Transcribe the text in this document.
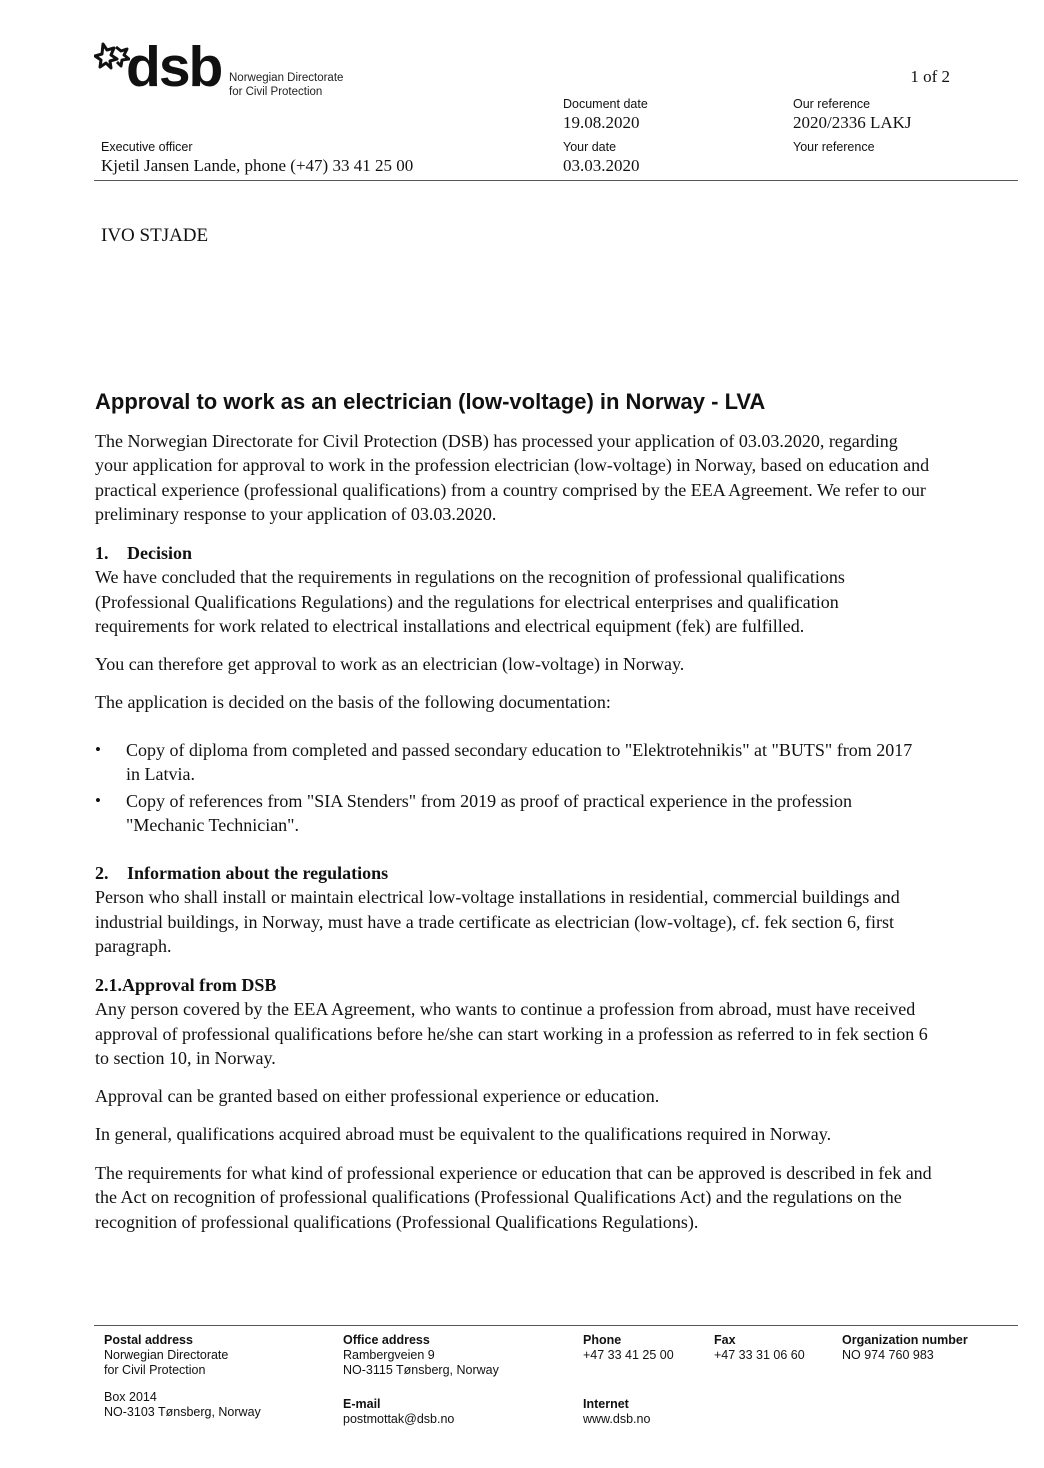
dsb Norwegian Directorate
for Civil Protection
1 of 2
Document date
19.08.2020
Our reference
2020/2336 LAKJ
Executive officer
Kjetil Jansen Lande, phone (+47) 33 41 25 00
Your date
03.03.2020
Your reference
IVO STJADE
Approval to work as an electrician (low-voltage) in Norway - LVA

The Norwegian Directorate for Civil Protection (DSB) has processed your application of 03.03.2020, regarding your application for approval to work in the profession electrician (low-voltage) in Norway, based on education and practical experience (professional qualifications) from a country comprised by the EEA Agreement. We refer to our preliminary response to your application of 03.03.2020.

1. Decision

We have concluded that the requirements in regulations on the recognition of professional qualifications (Professional Qualifications Regulations) and the regulations for electrical enterprises and qualification requirements for work related to electrical installations and electrical equipment (fek) are fulfilled.

You can therefore get approval to work as an electrician (low-voltage) in Norway.

The application is decided on the basis of the following documentation:

• Copy of diploma from completed and passed secondary education to "Elektrotehnikis" at "BUTS" from 2017 in Latvia.
• Copy of references from "SIA Stenders" from 2019 as proof of practical experience in the profession "Mechanic Technician".

2. Information about the regulations

Person who shall install or maintain electrical low-voltage installations in residential, commercial buildings and industrial buildings, in Norway, must have a trade certificate as electrician (low-voltage), cf. fek section 6, first paragraph.

2.1.Approval from DSB

Any person covered by the EEA Agreement, who wants to continue a profession from abroad, must have received approval of professional qualifications before he/she can start working in a profession as referred to in fek section 6 to section 10, in Norway.

Approval can be granted based on either professional experience or education.

In general, qualifications acquired abroad must be equivalent to the qualifications required in Norway.

The requirements for what kind of professional experience or education that can be approved is described in fek and the Act on recognition of professional qualifications (Professional Qualifications Act) and the regulations on the recognition of professional qualifications (Professional Qualifications Regulations).

Postal address
Norwegian Directorate
for Civil Protection
Box 2014
NO-3103 Tønsberg, Norway
Office address
Rambergveien 9
NO-3115 Tønsberg, Norway
E-mail
postmottak@dsb.no
Phone
+47 33 41 25 00
Internet
www.dsb.no
Fax
+47 33 31 06 60
Organization number
NO 974 760 983
